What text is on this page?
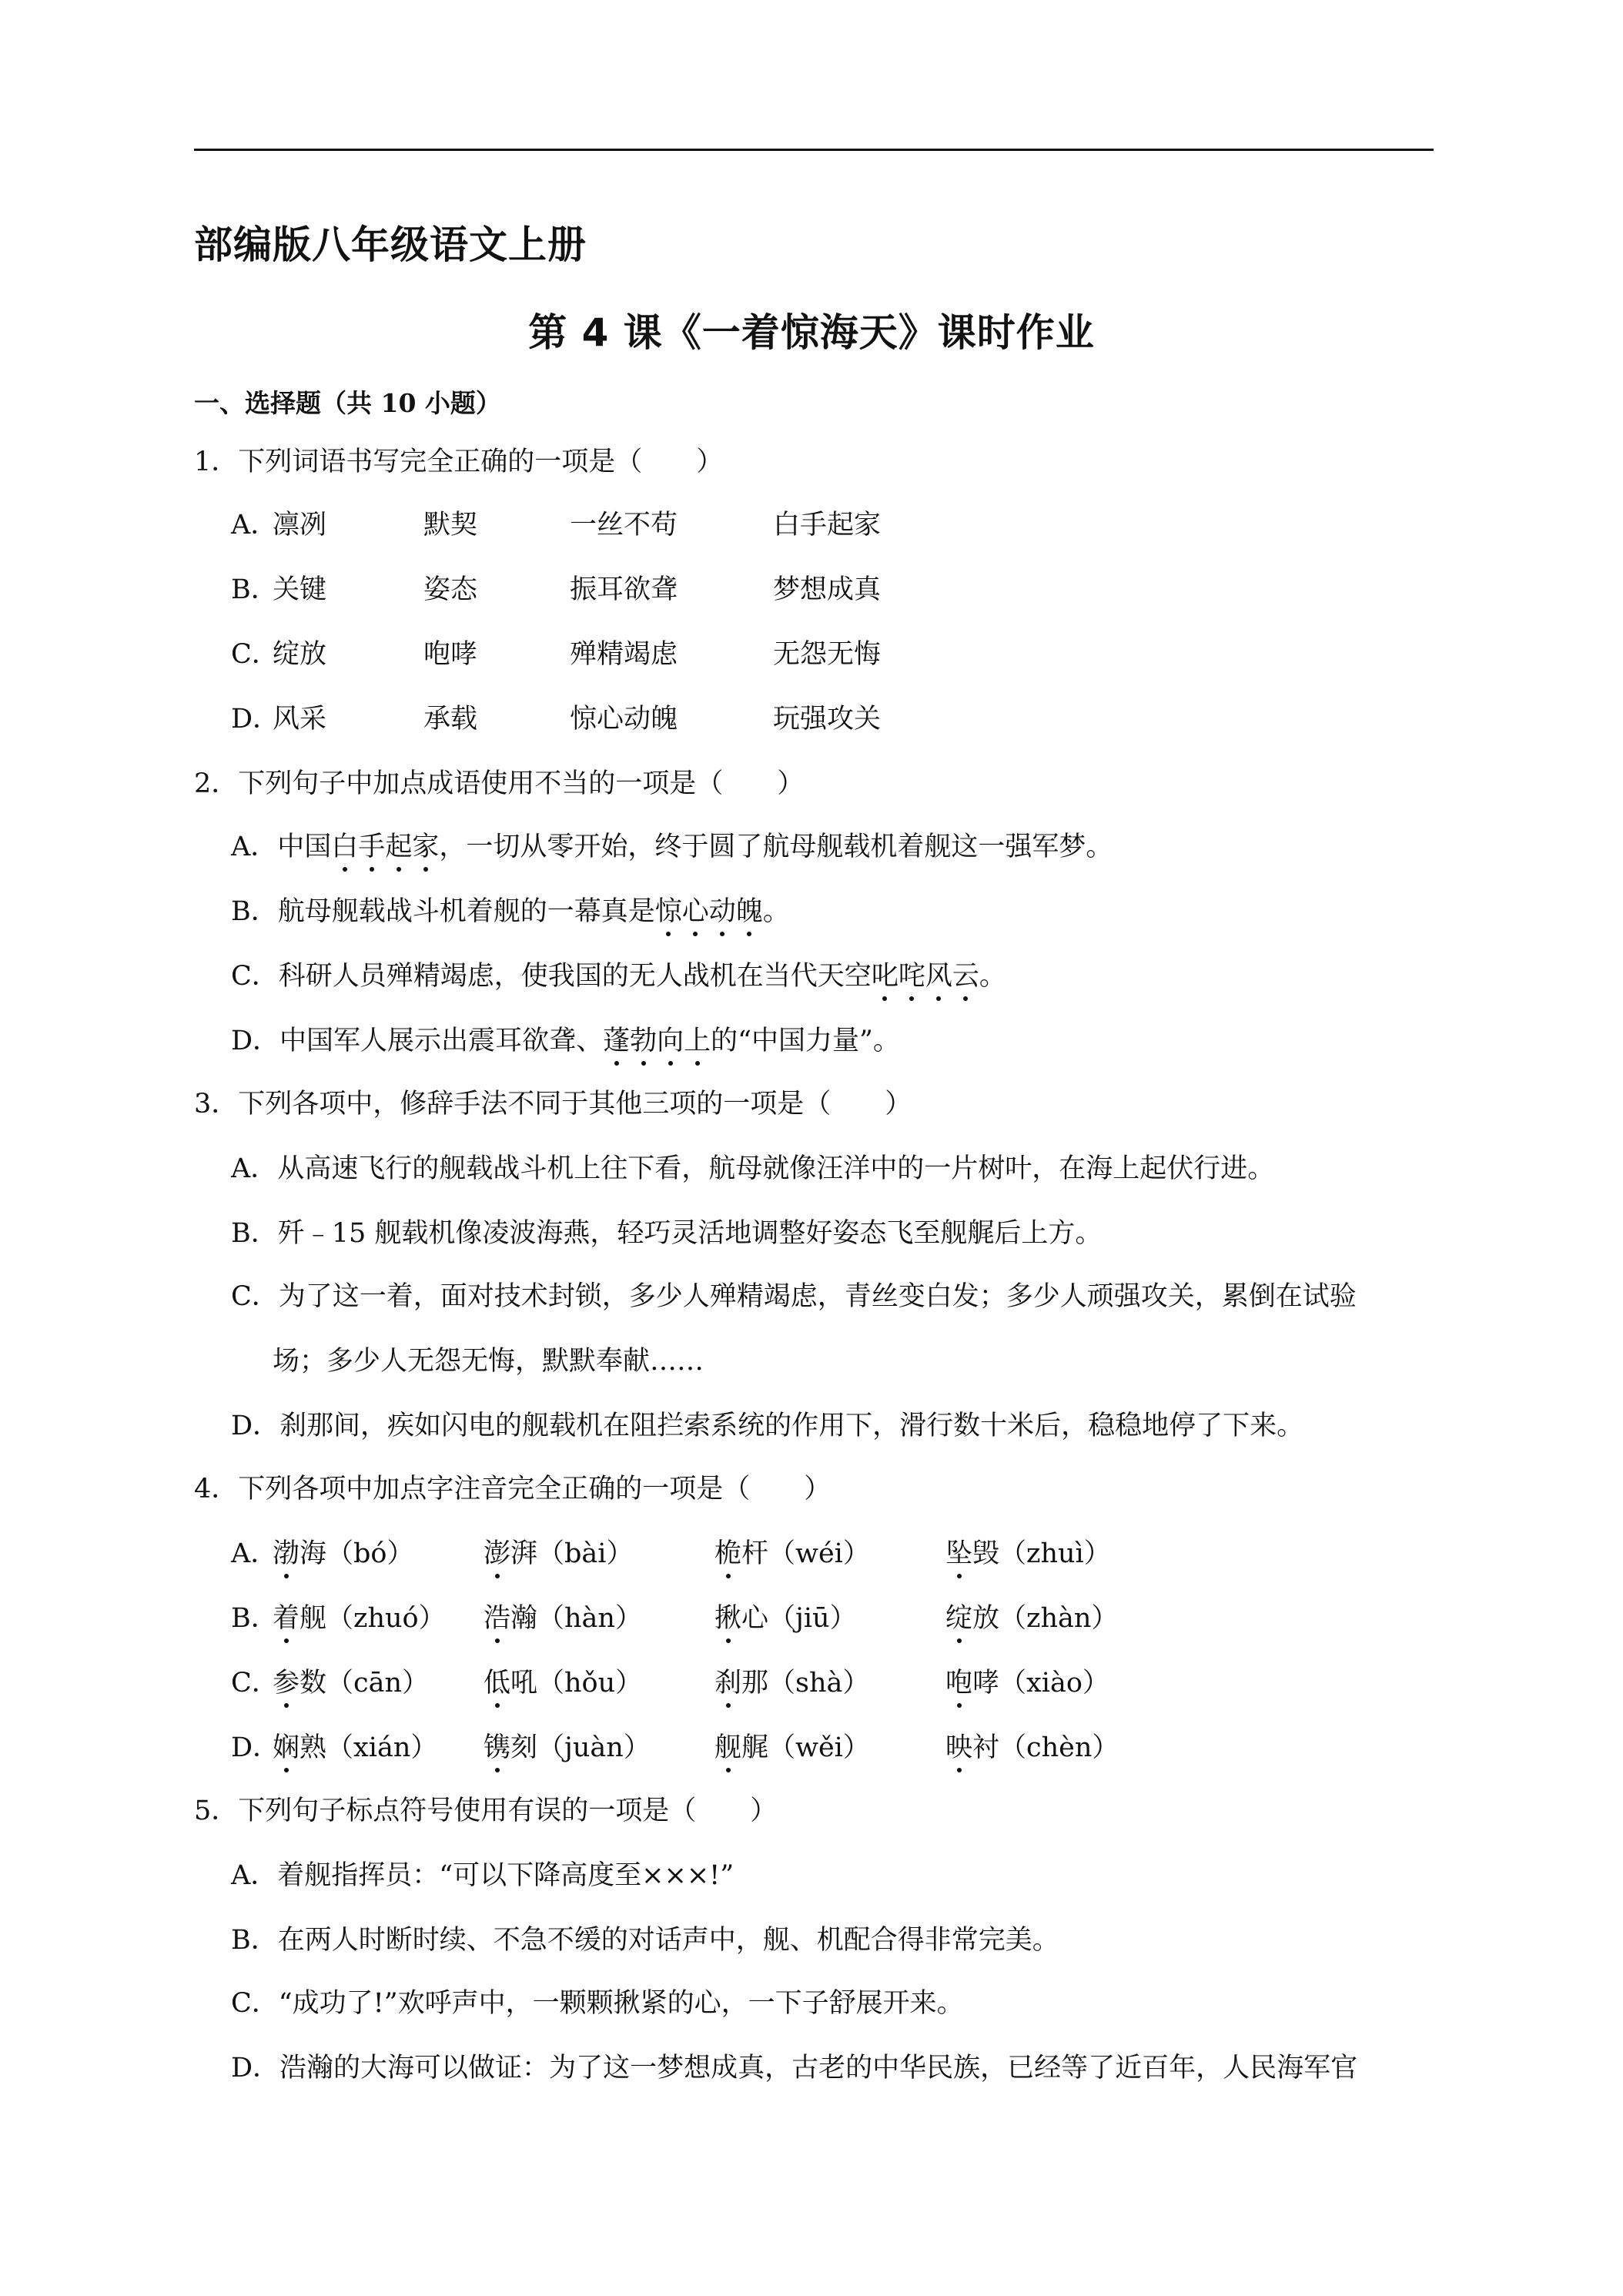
部编版八年级语文上册
第 4 课《一着惊海天》课时作业
一、选择题（共 10 小题）
1．下列词语书写完全正确的一项是（　　）
A．
凛冽	默契	一丝不苟	白手起家
B．
关键	姿态	振耳欲聋	梦想成真
C．
绽放	咆哮	殚精竭虑	无怨无悔
D．
风采	承载	惊心动魄	玩强攻关
2．下列句子中加点成语使用不当的一项是（　　）
A．中国白手起家，一切从零开始，终于圆了航母舰载机着舰这一强军梦。
B．航母舰载战斗机着舰的一幕真是惊心动魄。
C．科研人员殚精竭虑，使我国的无人战机在当代天空叱咤风云。
D．中国军人展示出震耳欲聋、蓬勃向上的“中国力量”。
3．下列各项中，修辞手法不同于其他三项的一项是（　　）
A．从高速飞行的舰载战斗机上往下看，航母就像汪洋中的一片树叶，在海上起伏行进。
B．歼﹣15 舰载机像凌波海燕，轻巧灵活地调整好姿态飞至舰艉后上方。
C．为了这一着，面对技术封锁，多少人殚精竭虑，青丝变白发；多少人顽强攻关，累倒在试验
场；多少人无怨无悔，默默奉献……
D．刹那间，疾如闪电的舰载机在阻拦索系统的作用下，滑行数十米后，稳稳地停了下来。
4．下列各项中加点字注音完全正确的一项是（　　）
A．
渤海（bó）	澎湃（bài）	桅杆（wéi）	坠毁（zhuì）
B．
着舰（zhuó） 浩瀚（hàn）	揪心（jiū）	绽放（zhàn）
C．
参数（cān） 低吼（hǒu）	刹那（shà）	咆哮（xiào）
D．
娴熟（xián） 镌刻（juàn） 舰艉（wěi）	映衬（chèn）
5．下列句子标点符号使用有误的一项是（　　）
A．着舰指挥员：“可以下降高度至×××!”
B．在两人时断时续、不急不缓的对话声中，舰、机配合得非常完美。
C．“成功了!”欢呼声中，一颗颗揪紧的心，一下子舒展开来。
D．浩瀚的大海可以做证：为了这一梦想成真，古老的中华民族，已经等了近百年，人民海军官
